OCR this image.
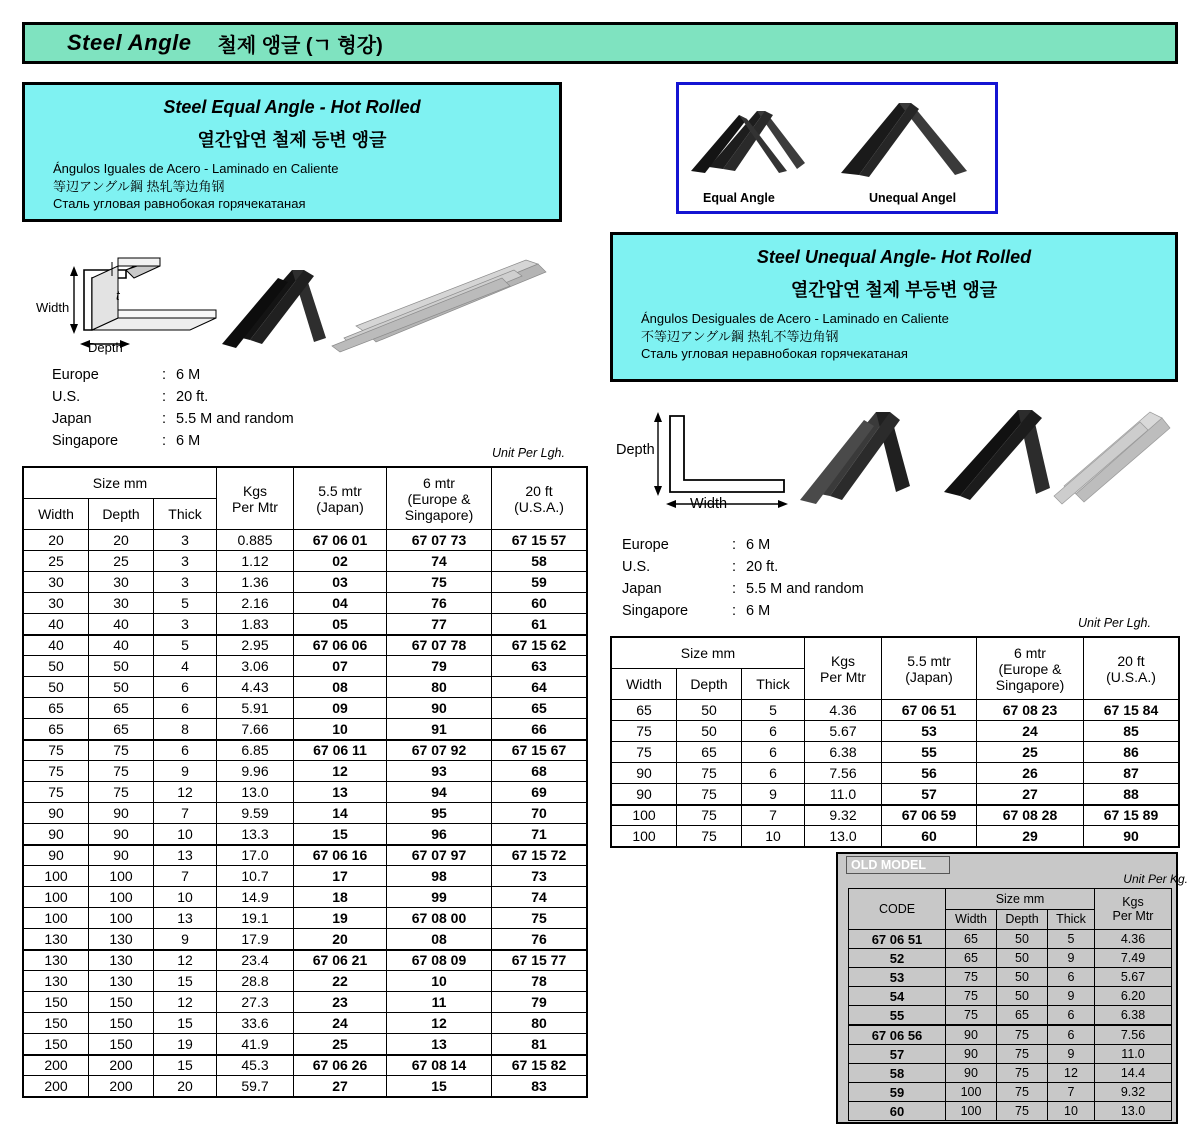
Steel Angle 철제 앵글 (ㄱ 형강)
Steel Equal Angle - Hot Rolled
열간압연 철제 등변 앵글
Ángulos Iguales de Acero - Laminado en Caliente
等辺アングル鋼 热轧等边角钢
Сталь угловая равнобокая горячекатаная	Equal Angle	Unequal Angel
Width
Depth
t
Europe	: 6 M
U.S.	: 20 ft.
Japan	: 5.5 M and random
Singapore	: 6 M
Unit Per Lgh.
Size mm	Kgs
Per Mtr

5.5 mtr
(Japan)

6 mtr
(Europe &
Singapore)

20 ft
(U.S.A.)

Width	Depth	Thick				
20	20	3	0.885	67 06 01	67 07 73	67 15 57
25	25	3	1.12	02	74	58
30	30	3	1.36	03	75	59
30	30	5	2.16	04	76	60
40	40	3	1.83	05	77	61
40	40	5	2.95	67 06 06	67 07 78	67 15 62
50	50	4	3.06	07	79	63
50	50	6	4.43	08	80	64
65	65	6	5.91	09	90	65
65	65	8	7.66	10	91	66
75	75	6	6.85	67 06 11	67 07 92	67 15 67
75	75	9	9.96	12	93	68
75	75	12	13.0	13	94	69
90	90	7	9.59	14	95	70
90	90	10	13.3	15	96	71
90	90	13	17.0	67 06 16	67 07 97	67 15 72
100	100	7	10.7	17	98	73
100	100	10	14.9	18	99	74
100	100	13	19.1	19	67 08 00	75
130	130	9	17.9	20	08	76
130	130	12	23.4	67 06 21	67 08 09	67 15 77
130	130	15	28.8	22	10	78
150	150	12	27.3	23	11	79
150	150	15	33.6	24	12	80
150	150	19	41.9	25	13	81
200	200	15	45.3	67 06 26	67 08 14	67 15 82
200	200	20	59.7	27	15	83
Steel Unequal Angle- Hot Rolled
열간압연 철제 부등변 앵글
Ángulos Desiguales de Acero - Laminado en Caliente
不等辺アングル鋼 热轧不等边角钢
Сталь угловая неравнобокая горячекатаная
Depth
Width
Europe	: 6 M
U.S.	: 20 ft.
Japan	: 5.5 M and random
Singapore	: 6 M
Unit Per Lgh.
Size mm	Kgs
Per Mtr

5.5 mtr
(Japan)

6 mtr
(Europe &
Singapore)

20 ft
(U.S.A.)

Width	Depth	Thick				
65	50	5	4.36	67 06 51	67 08 23	67 15 84
75	50	6	5.67	53	24	85
75	65	6	6.38	55	25	86
90	75	6	7.56	56	26	87
90	75	9	11.0	57	27	88
100	75	7	9.32	67 06 59	67 08 28	67 15 89
100	75	10	13.0	60	29	90
OLD MODEL
Unit Per Kg.
CODE	Size mm			Kgs
Per Mtr

	Width	Depth	Thick	
67 06 51	65	50	5	4.36
52	65	50	9	7.49
53	75	50	6	5.67
54	75	50	9	6.20
55	75	65	6	6.38
67 06 56	90	75	6	7.56
57	90	75	9	11.0
58	90	75	12	14.4
59	100	75	7	9.32
60	100	75	10	13.0
